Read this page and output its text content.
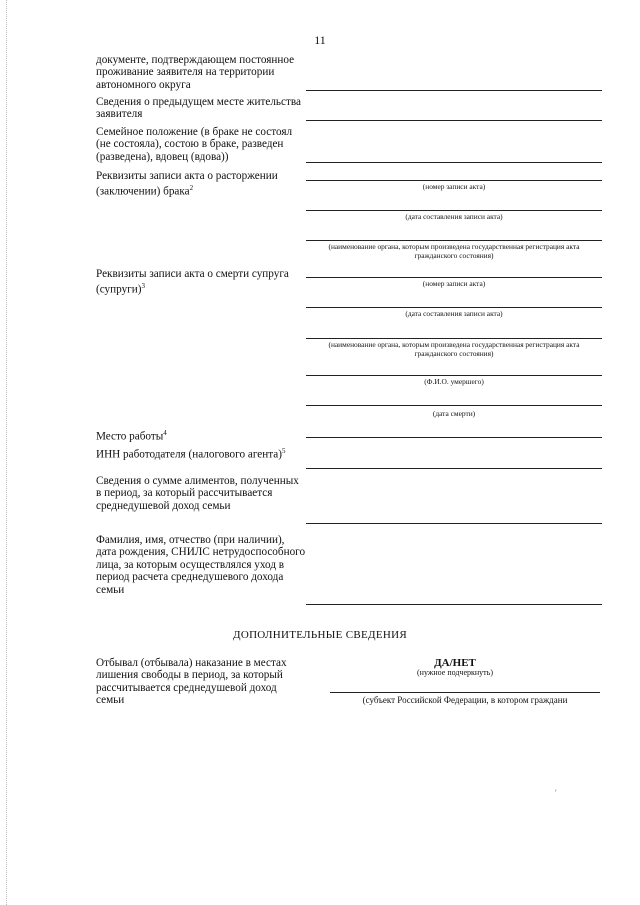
11
документе, подтверждающем постоянное проживание заявителя на территории автономного округа
Сведения о предыдущем месте жительства заявителя
Семейное положение (в браке не состоял (не состояла), состою в браке, разведен (разведена), вдовец (вдова))
Реквизиты записи акта о расторжении (заключении) брака$^2$	(номер записи акта)
(дата составления записи акта)
(наименование органа, которым произведена государственная регистрация акта гражданского состояния)
Реквизиты записи акта о смерти супруга (супруги)$^3$	(номер записи акта)
(дата составления записи акта)
(наименование органа, которым произведена государственная регистрация акта гражданского состояния)
(Ф.И.О. умершего)
(дата смерти)
Место работы$^4$
ИНН работодателя (налогового агента)$^5$
Сведения о сумме алиментов, полученных в период, за который рассчитывается среднедушевой доход семьи
Фамилия, имя, отчество (при наличии), дата рождения, СНИЛС нетрудоспособного лица, за которым осуществлялся уход в период расчета среднедушевого дохода семьи
ДОПОЛНИТЕЛЬНЫЕ СВЕДЕНИЯ
Отбывал (отбывала) наказание в местах лишения свободы в период, за который рассчитывается среднедушевой доход семьи
ДА/НЕТ
(нужное подчеркнуть)
(субъект Российской Федерации, в котором граждани
'
